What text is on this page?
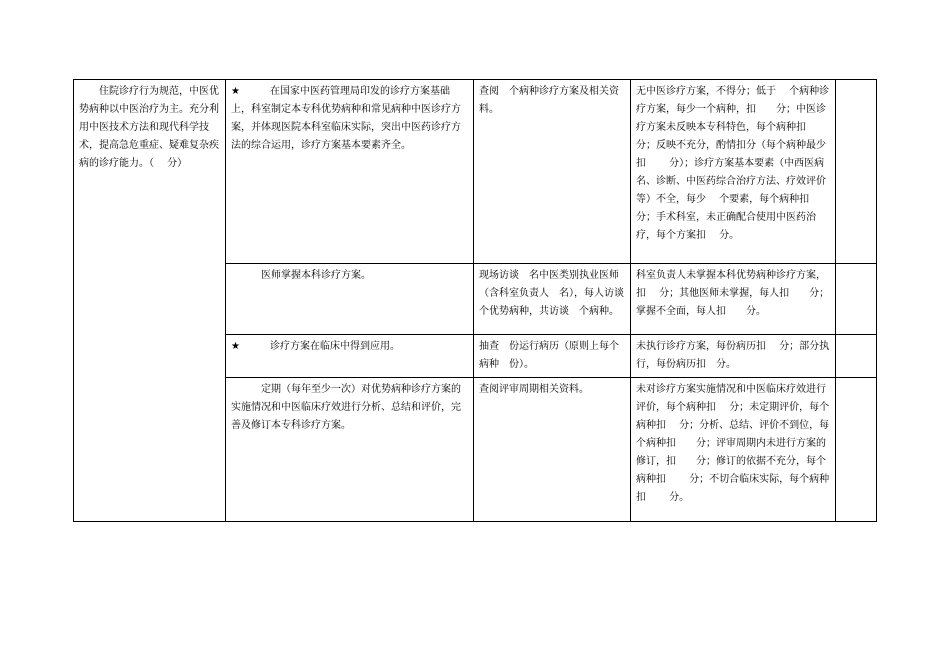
　　住院诊疗行为规范，中医优势病种以中医治疗为主。充分利用中医技术方法和现代科学技术，提高急危重症、疑难复杂疾病的诊疗能力。（　 分）	★　　　在国家中医药管理局印发的诊疗方案基础上，科室制定本专科优势病种和常见病种中医诊疗方案，并体现医院本科室临床实际，突出中医药诊疗方法的综合运用，诊疗方案基本要素齐全。	查阅　个病种诊疗方案及相关资料。	无中医诊疗方案，不得分；低于　 个病种诊疗方案，每少一个病种，扣　　分；中医诊疗方案未反映本专科特色，每个病种扣　 分；反映不充分，酌情扣分（每个病种最少扣　　 分）；诊疗方案基本要素（中西医病名、诊断、中医药综合治疗方法、疗效评价等）不全，每少　 个要素，每个病种扣　　分；手术科室，未正确配合使用中医药治疗，每个方案扣　 分。	
	　　　医师掌握本科诊疗方案。	现场访谈　名中医类别执业医师（含科室负责人　名），每人访谈　个优势病种，共访谈　个病种。	科室负责人未掌握本科优势病种诊疗方案，扣　 分；其他医师未掌握，每人扣　　分；掌握不全面，每人扣　　分。	
	★　　　诊疗方案在临床中得到应用。	抽查　份运行病历（原则上每个病种　份）。	未执行诊疗方案，每份病历扣　 分；部分执行，每份病历扣　分。	
	　　　定期（每年至少一次）对优势病种诊疗方案的实施情况和中医临床疗效进行分析、总结和评价，完善及修订本专科诊疗方案。	查阅评审周期相关资料。	未对诊疗方案实施情况和中医临床疗效进行评价，每个病种扣　 分；未定期评价，每个病种扣　 分；分析、总结、评价不到位，每个病种扣　　分；评审周期内未进行方案的修订，扣　　分；修订的依据不充分，每个病种扣　　 分；不切合临床实际，每个病种扣　　 分。	
